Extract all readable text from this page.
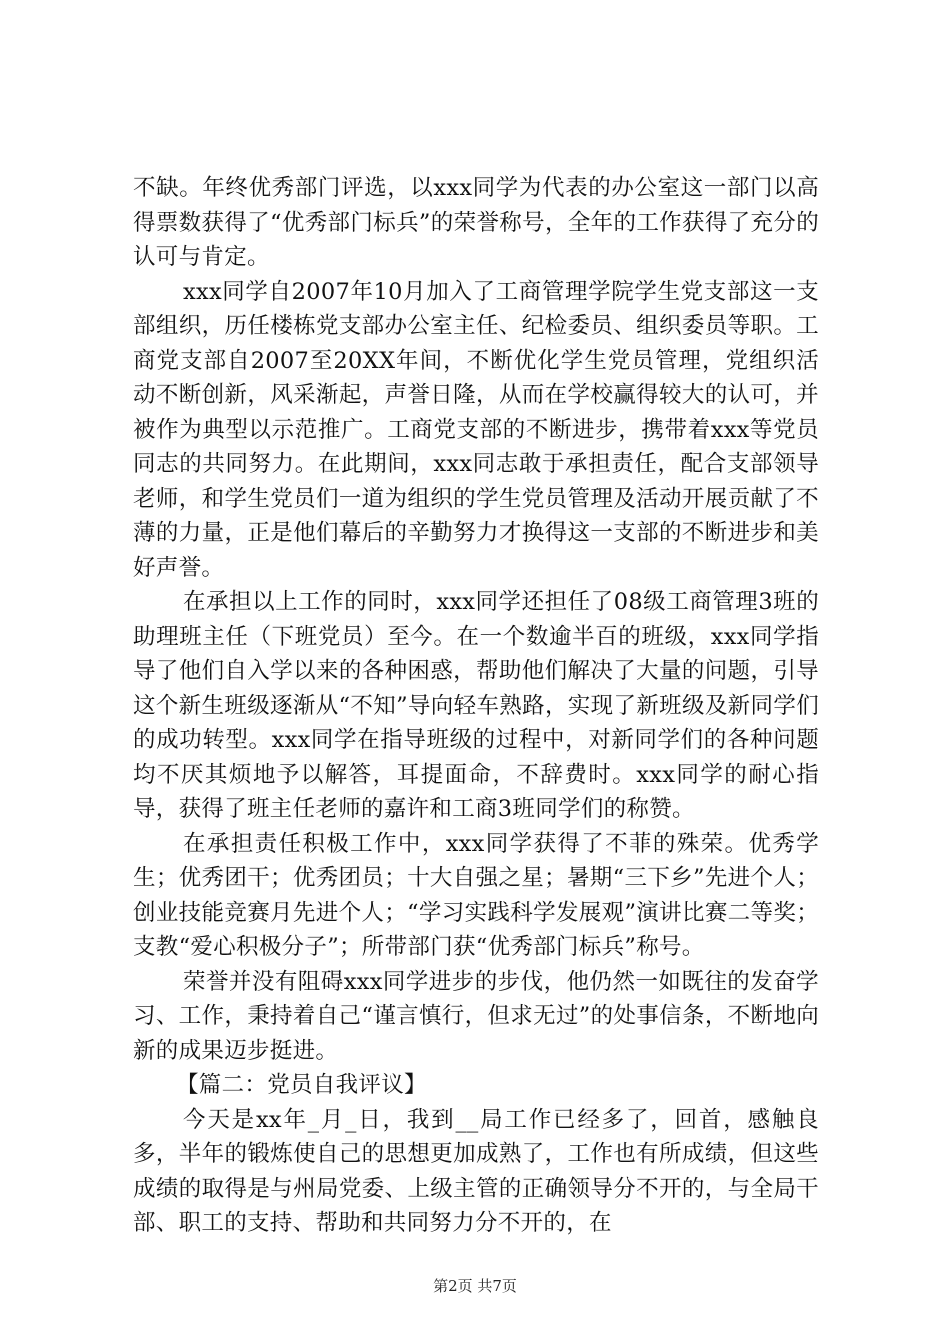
不缺。年终优秀部门评选，以xxx同学为代表的办公室这一部门以高得票数获得了“优秀部门标兵”的荣誉称号，全年的工作获得了充分的认可与肯定。

xxx同学自2007年10月加入了工商管理学院学生党支部这一支部组织，历任楼栋党支部办公室主任、纪检委员、组织委员等职。工商党支部自2007至20XX年间，不断优化学生党员管理，党组织活动不断创新，风采渐起，声誉日隆，从而在学校赢得较大的认可，并被作为典型以示范推广。工商党支部的不断进步，携带着xxx等党员同志的共同努力。在此期间，xxx同志敢于承担责任，配合支部领导老师，和学生党员们一道为组织的学生党员管理及活动开展贡献了不薄的力量，正是他们幕后的辛勤努力才换得这一支部的不断进步和美好声誉。

在承担以上工作的同时，xxx同学还担任了08级工商管理3班的助理班主任（下班党员）至今。在一个数逾半百的班级，xxx同学指导了他们自入学以来的各种困惑，帮助他们解决了大量的问题，引导这个新生班级逐渐从“不知”导向轻车熟路，实现了新班级及新同学们的成功转型。xxx同学在指导班级的过程中，对新同学们的各种问题均不厌其烦地予以解答，耳提面命，不辞费时。xxx同学的耐心指导，获得了班主任老师的嘉许和工商3班同学们的称赞。

在承担责任积极工作中，xxx同学获得了不菲的殊荣。优秀学生；优秀团干；优秀团员；十大自强之星；暑期“三下乡”先进个人；创业技能竞赛月先进个人；“学习实践科学发展观”演讲比赛二等奖；支教“爱心积极分子”；所带部门获“优秀部门标兵”称号。

荣誉并没有阻碍xxx同学进步的步伐，他仍然一如既往的发奋学习、工作，秉持着自己“谨言慎行，但求无过”的处事信条，不断地向新的成果迈步挺进。

【篇二：党员自我评议】

今天是xx年_月_日，我到__局工作已经多了，回首，感触良多，半年的锻炼使自己的思想更加成熟了，工作也有所成绩，但这些成绩的取得是与州局党委、上级主管的正确领导分不开的，与全局干部、职工的支持、帮助和共同努力分不开的，在

第2页 共7页
